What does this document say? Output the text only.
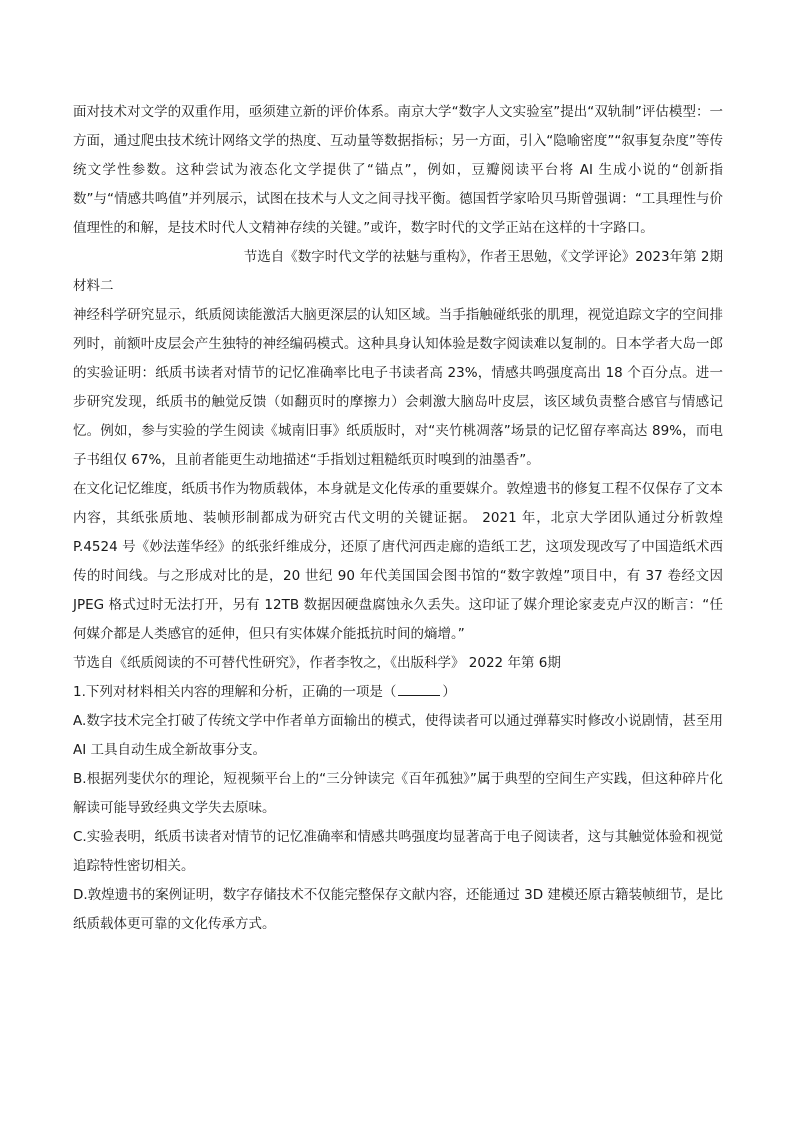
面对技术对文学的双重作用，亟须建立新的评价体系。南京大学“数字人文实验室”提出“双轨制”评估模型：一方面，通过爬虫技术统计网络文学的热度、互动量等数据指标；另一方面，引入“隐喻密度”“叙事复杂度”等传统文学性参数。这种尝试为液态化文学提供了“锚点”，例如，豆瓣阅读平台将 AI 生成小说的“创新指数”与“情感共鸣值”并列展示，试图在技术与人文之间寻找平衡。德国哲学家哈贝马斯曾强调：“工具理性与价值理性的和解，是技术时代人文精神存续的关键。”或许，数字时代的文学正站在这样的十字路口。

节选自《数字时代文学的祛魅与重构》，作者王思勉，《文学评论》2023年第 2期

材料二

神经科学研究显示，纸质阅读能激活大脑更深层的认知区域。当手指触碰纸张的肌理，视觉追踪文字的空间排列时，前额叶皮层会产生独特的神经编码模式。这种具身认知体验是数字阅读难以复制的。日本学者大岛一郎的实验证明：纸质书读者对情节的记忆准确率比电子书读者高 23%，情感共鸣强度高出 18 个百分点。进一步研究发现，纸质书的触觉反馈（如翻页时的摩擦力）会刺激大脑岛叶皮层，该区域负责整合感官与情感记忆。例如，参与实验的学生阅读《城南旧事》纸质版时，对“夹竹桃凋落”场景的记忆留存率高达 89%，而电子书组仅 67%，且前者能更生动地描述“手指划过粗糙纸页时嗅到的油墨香”。

在文化记忆维度，纸质书作为物质载体，本身就是文化传承的重要媒介。敦煌遗书的修复工程不仅保存了文本内容，其纸张质地、装帧形制都成为研究古代文明的关键证据。 2021 年，北京大学团队通过分析敦煌 P.4524 号《妙法莲华经》的纸张纤维成分，还原了唐代河西走廊的造纸工艺，这项发现改写了中国造纸术西传的时间线。与之形成对比的是，20 世纪 90 年代美国国会图书馆的“数字敦煌”项目中，有 37 卷经文因 JPEG 格式过时无法打开，另有 12TB 数据因硬盘腐蚀永久丢失。这印证了媒介理论家麦克卢汉的断言：“任何媒介都是人类感官的延伸，但只有实体媒介能抵抗时间的熵增。”

节选自《纸质阅读的不可替代性研究》，作者李牧之，《出版科学》 2022 年第 6期

1.下列对材料相关内容的理解和分析，正确的一项是（	）

A.数字技术完全打破了传统文学中作者单方面输出的模式，使得读者可以通过弹幕实时修改小说剧情，甚至用 AI 工具自动生成全新故事分支。

B.根据列斐伏尔的理论，短视频平台上的“三分钟读完《百年孤独》”属于典型的空间生产实践，但这种碎片化解读可能导致经典文学失去原味。

C.实验表明，纸质书读者对情节的记忆准确率和情感共鸣强度均显著高于电子阅读者，这与其触觉体验和视觉追踪特性密切相关。

D.敦煌遗书的案例证明，数字存储技术不仅能完整保存文献内容，还能通过 3D 建模还原古籍装帧细节，是比纸质载体更可靠的文化传承方式。
